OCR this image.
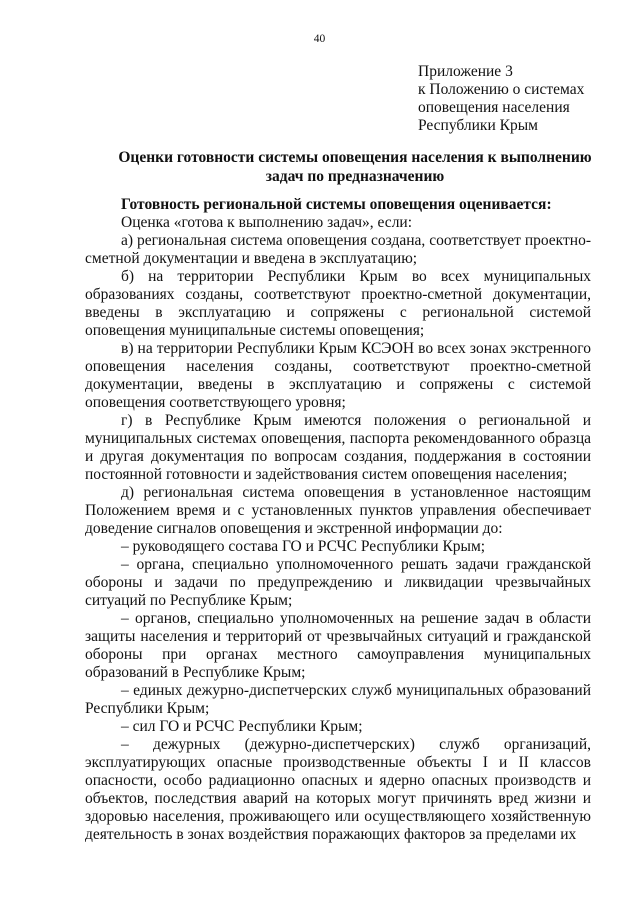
40
Приложение 3
к Положению о системах
оповещения населения
Республики Крым
Оценки готовности системы оповещения населения к выполнению
задач по предназначению

Готовность региональной системы оповещения оценивается:

Оценка «готова к выполнению задач», если:

а) региональная система оповещения создана, соответствует проектно-сметной документации и введена в эксплуатацию;

б) на территории Республики Крым во всех муниципальных образованиях созданы, соответствуют проектно-сметной документации, введены в эксплуатацию и сопряжены с региональной системой оповещения муниципальные системы оповещения;

в) на территории Республики Крым КСЭОН во всех зонах экстренного оповещения населения созданы, соответствуют проектно-сметной документации, введены в эксплуатацию и сопряжены с системой оповещения соответствующего уровня;

г) в Республике Крым имеются положения о региональной и муниципальных системах оповещения, паспорта рекомендованного образца и другая документация по вопросам создания, поддержания в состоянии постоянной готовности и задействования систем оповещения населения;

д) региональная система оповещения в установленное настоящим Положением время и с установленных пунктов управления обеспечивает доведение сигналов оповещения и экстренной информации до:

– руководящего состава ГО и РСЧС Республики Крым;

– органа, специально уполномоченного решать задачи гражданской обороны и задачи по предупреждению и ликвидации чрезвычайных ситуаций по Республике Крым;

– органов, специально уполномоченных на решение задач в области защиты населения и территорий от чрезвычайных ситуаций и гражданской обороны при органах местного самоуправления муниципальных образований в Республике Крым;

– единых дежурно-диспетчерских служб муниципальных образований Республики Крым;

– сил ГО и РСЧС Республики Крым;

– дежурных (дежурно-диспетчерских) служб организаций, эксплуатирующих опасные производственные объекты I и II классов опасности, особо радиационно опасных и ядерно опасных производств и объектов, последствия аварий на которых могут причинять вред жизни и здоровью населения, проживающего или осуществляющего хозяйственную деятельность в зонах воздействия поражающих факторов за пределами их
